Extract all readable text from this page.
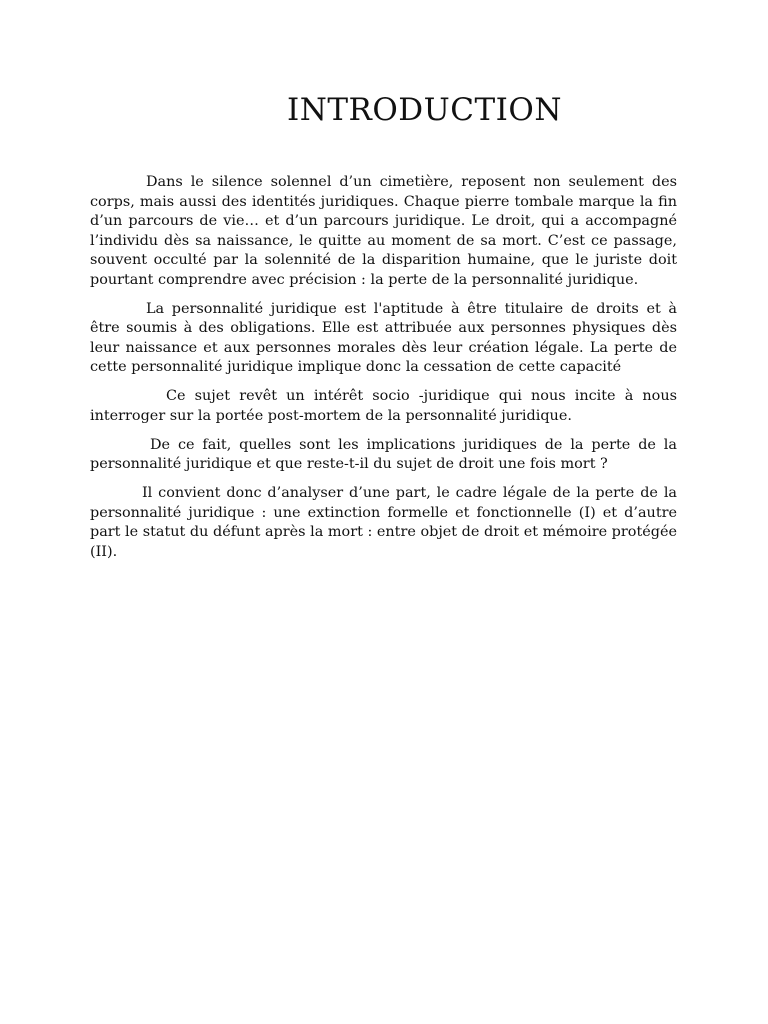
INTRODUCTION

Dans le silence solennel d’un cimetière, reposent non seulement des corps, mais aussi des identités juridiques. Chaque pierre tombale marque la fin d’un parcours de vie… et d’un parcours juridique. Le droit, qui a accompagné l’individu dès sa naissance, le quitte au moment de sa mort. C’est ce passage, souvent occulté par la solennité de la disparition humaine, que le juriste doit pourtant comprendre avec précision : la perte de la personnalité juridique.

La personnalité juridique est l'aptitude à être titulaire de droits et à être soumis à des obligations. Elle est attribuée aux personnes physiques dès leur naissance et aux personnes morales dès leur création légale. La perte de cette personnalité juridique implique donc la cessation de cette capacité

Ce sujet revêt un intérêt socio -juridique qui nous incite à nous interroger sur la portée post-mortem de la personnalité juridique.

De ce fait, quelles sont les implications juridiques de la perte de la personnalité juridique et que reste-t-il du sujet de droit une fois mort ?

Il convient donc d’analyser d’une part, le cadre légale de la perte de la personnalité juridique : une extinction formelle et fonctionnelle (I) et d’autre part le statut du défunt après la mort : entre objet de droit et mémoire protégée (II).
